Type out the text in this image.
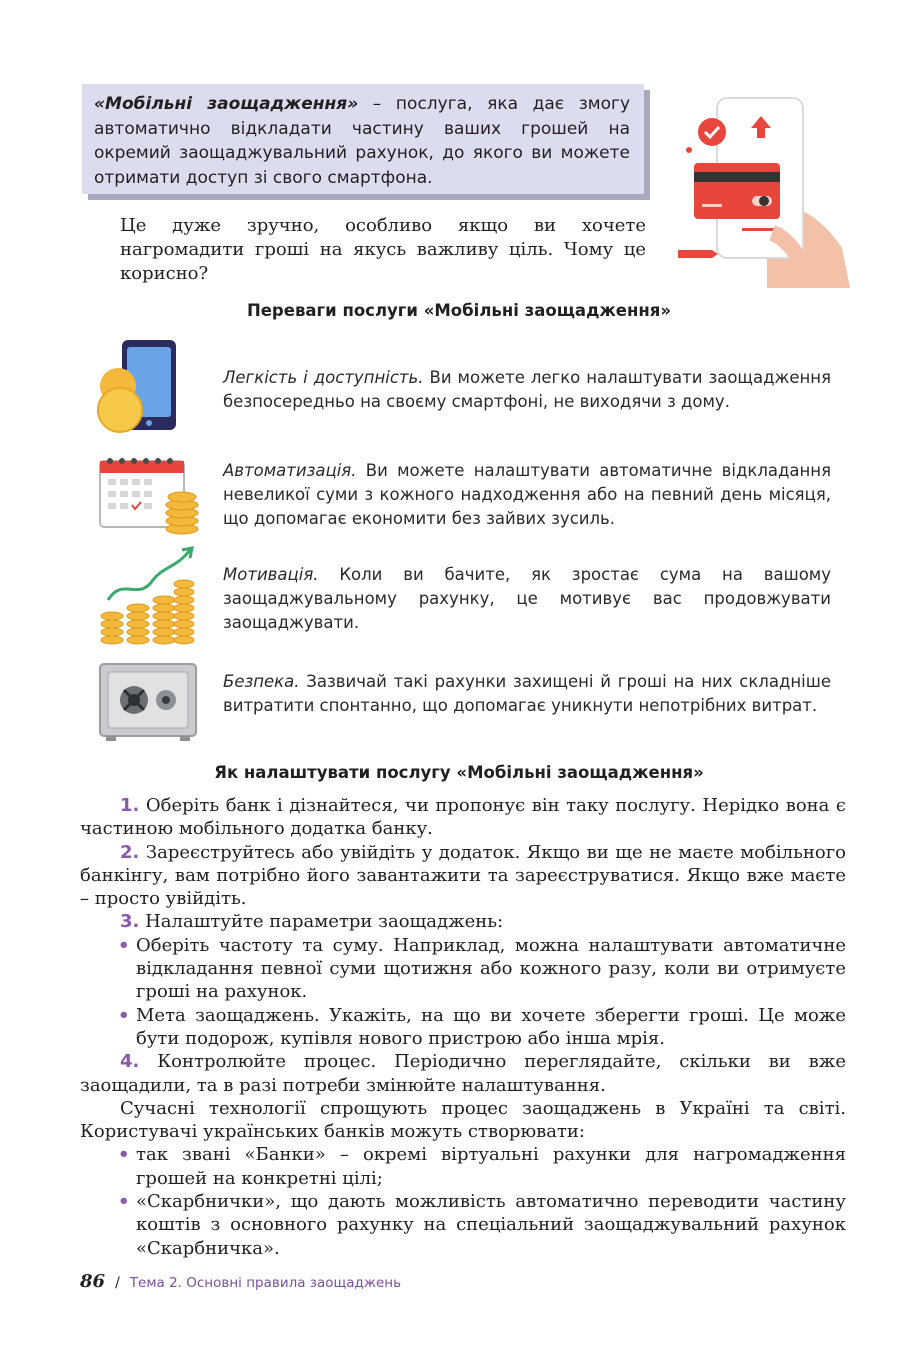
«Мобільні заощадження» – послуга, яка дає змогу автоматично відкладати частину ваших грошей на окремий заощаджувальний рахунок, до якого ви можете отримати доступ зі свого смартфона.
Це дуже зручно, особливо якщо ви хочете нагромадити гроші на якусь важливу ціль. Чому це корисно?
Переваги послуги «Мобільні заощадження»
Легкість і доступність. Ви можете легко налаштувати заощадження безпосередньо на своєму смартфоні, не виходячи з дому.
Автоматизація. Ви можете налаштувати автоматичне відкладання невеликої суми з кожного надходження або на певний день місяця, що допомагає економити без зайвих зусиль.
Мотивація. Коли ви бачите, як зростає сума на вашому заощаджувальному рахунку, це мотивує вас продовжувати заощаджувати.
Безпека. Зазвичай такі рахунки захищені й гроші на них складніше витратити спонтанно, що допомагає уникнути непотрібних витрат.
Як налаштувати послугу «Мобільні заощадження»

1. Оберіть банк і дізнайтеся, чи пропонує він таку послугу. Нерідко вона є частиною мобільного додатка банку.

2. Зареєструйтесь або увійдіть у додаток. Якщо ви ще не маєте мобільного банкінгу, вам потрібно його завантажити та зареєструватися. Якщо вже маєте – просто увійдіть.

3. Налаштуйте параметри заощаджень:

• Оберіть частоту та суму. Наприклад, можна налаштувати автоматичне відкладання певної суми щотижня або кожного разу, коли ви отримуєте гроші на рахунок.

• Мета заощаджень. Укажіть, на що ви хочете зберегти гроші. Це може бути подорож, купівля нового пристрою або інша мрія.

4. Контролюйте процес. Періодично переглядайте, скільки ви вже заощадили, та в разі потреби змінюйте налаштування.

Сучасні технології спрощують процес заощаджень в Україні та світі. Користувачі українських банків можуть створювати:

• так звані «Банки» – окремі віртуальні рахунки для нагромадження грошей на конкретні цілі;

• «Скарбнички», що дають можливість автоматично переводити частину коштів з основного рахунку на спеціальний заощаджувальний рахунок «Скарбничка».

86 / Тема 2. Основні правила заощаджень
